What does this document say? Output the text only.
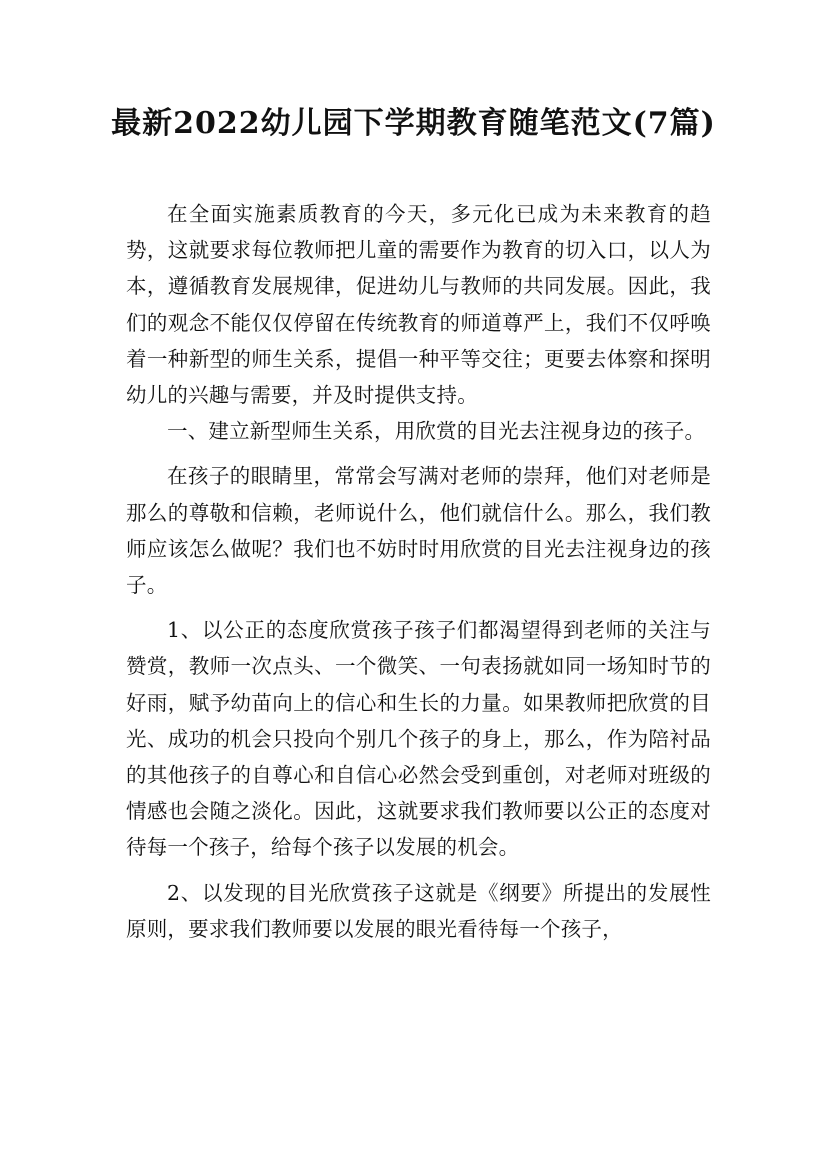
最新2022幼儿园下学期教育随笔范文(7篇)

在全面实施素质教育的今天，多元化已成为未来教育的趋势，这就要求每位教师把儿童的需要作为教育的切入口，以人为本，遵循教育发展规律，促进幼儿与教师的共同发展。因此，我们的观念不能仅仅停留在传统教育的师道尊严上，我们不仅呼唤着一种新型的师生关系，提倡一种平等交往；更要去体察和探明幼儿的兴趣与需要，并及时提供支持。

一、建立新型师生关系，用欣赏的目光去注视身边的孩子。

在孩子的眼睛里，常常会写满对老师的崇拜，他们对老师是那么的尊敬和信赖，老师说什么，他们就信什么。那么，我们教师应该怎么做呢？我们也不妨时时用欣赏的目光去注视身边的孩子。

1、以公正的态度欣赏孩子孩子们都渴望得到老师的关注与赞赏，教师一次点头、一个微笑、一句表扬就如同一场知时节的好雨，赋予幼苗向上的信心和生长的力量。如果教师把欣赏的目光、成功的机会只投向个别几个孩子的身上，那么，作为陪衬品的其他孩子的自尊心和自信心必然会受到重创，对老师对班级的情感也会随之淡化。因此，这就要求我们教师要以公正的态度对待每一个孩子，给每个孩子以发展的机会。

2、以发现的目光欣赏孩子这就是《纲要》所提出的发展性原则，要求我们教师要以发展的眼光看待每一个孩子，
